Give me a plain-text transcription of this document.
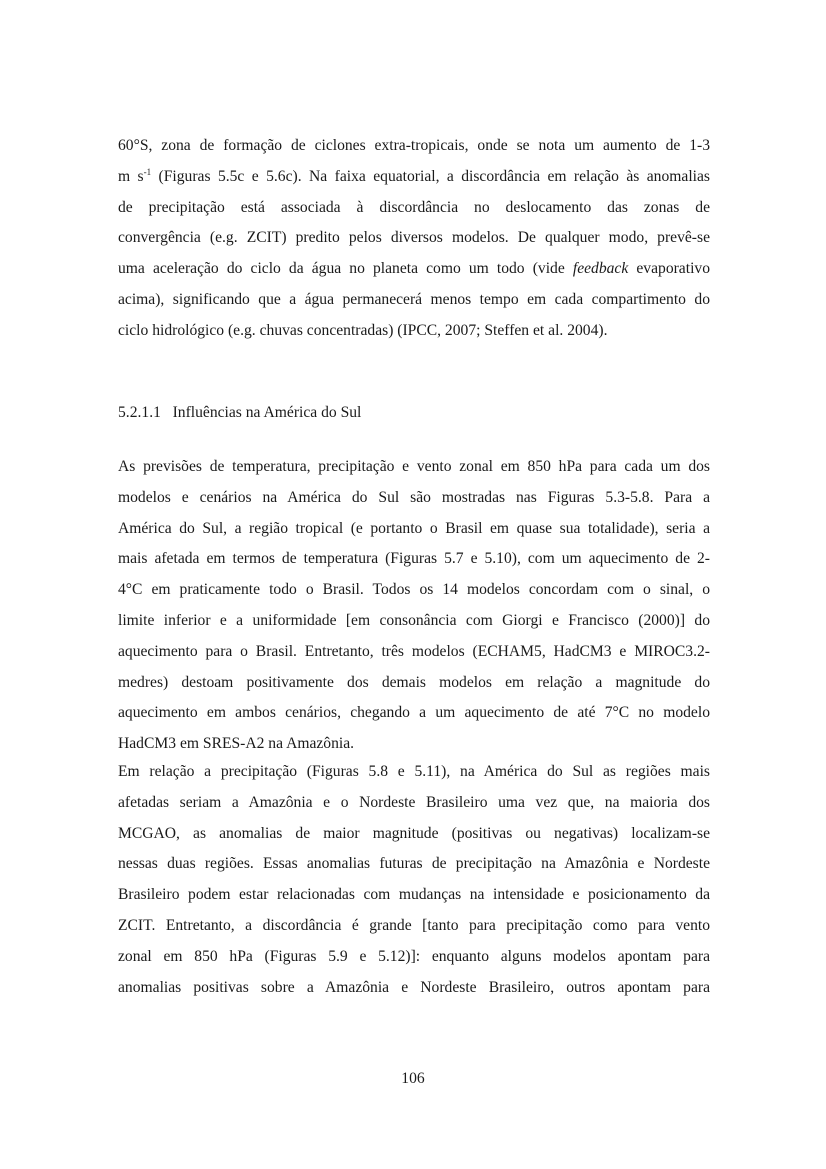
60°S, zona de formação de ciclones extra-tropicais, onde se nota um aumento de 1-3
m $s^{-1}$ (Figuras 5.5c e 5.6c). Na faixa equatorial, a discordância em relação às anomalias
de precipitação está associada à discordância no deslocamento das zonas de
convergência (e.g. ZCIT) predito pelos diversos modelos. De qualquer modo, prevê-se
uma aceleração do ciclo da água no planeta como um todo (vide feedback evaporativo
acima), significando que a água permanecerá menos tempo em cada compartimento do
ciclo hidrológico (e.g. chuvas concentradas) (IPCC, 2007; Steffen et al. 2004).
5.2.1.1 Influências na América do Sul
As previsões de temperatura, precipitação e vento zonal em 850 hPa para cada um dos
modelos e cenários na América do Sul são mostradas nas Figuras 5.3-5.8. Para a
América do Sul, a região tropical (e portanto o Brasil em quase sua totalidade), seria a
mais afetada em termos de temperatura (Figuras 5.7 e 5.10), com um aquecimento de 2-
4°C em praticamente todo o Brasil. Todos os 14 modelos concordam com o sinal, o
limite inferior e a uniformidade [em consonância com Giorgi e Francisco (2000)] do
aquecimento para o Brasil. Entretanto, três modelos (ECHAM5, HadCM3 e MIROC3.2-
medres) destoam positivamente dos demais modelos em relação a magnitude do
aquecimento em ambos cenários, chegando a um aquecimento de até 7°C no modelo
HadCM3 em SRES-A2 na Amazônia.
Em relação a precipitação (Figuras 5.8 e 5.11), na América do Sul as regiões mais
afetadas seriam a Amazônia e o Nordeste Brasileiro uma vez que, na maioria dos
MCGAO, as anomalias de maior magnitude (positivas ou negativas) localizam-se
nessas duas regiões. Essas anomalias futuras de precipitação na Amazônia e Nordeste
Brasileiro podem estar relacionadas com mudanças na intensidade e posicionamento da
ZCIT. Entretanto, a discordância é grande [tanto para precipitação como para vento
zonal em 850 hPa (Figuras 5.9 e 5.12)]: enquanto alguns modelos apontam para
anomalias positivas sobre a Amazônia e Nordeste Brasileiro, outros apontam para
106
